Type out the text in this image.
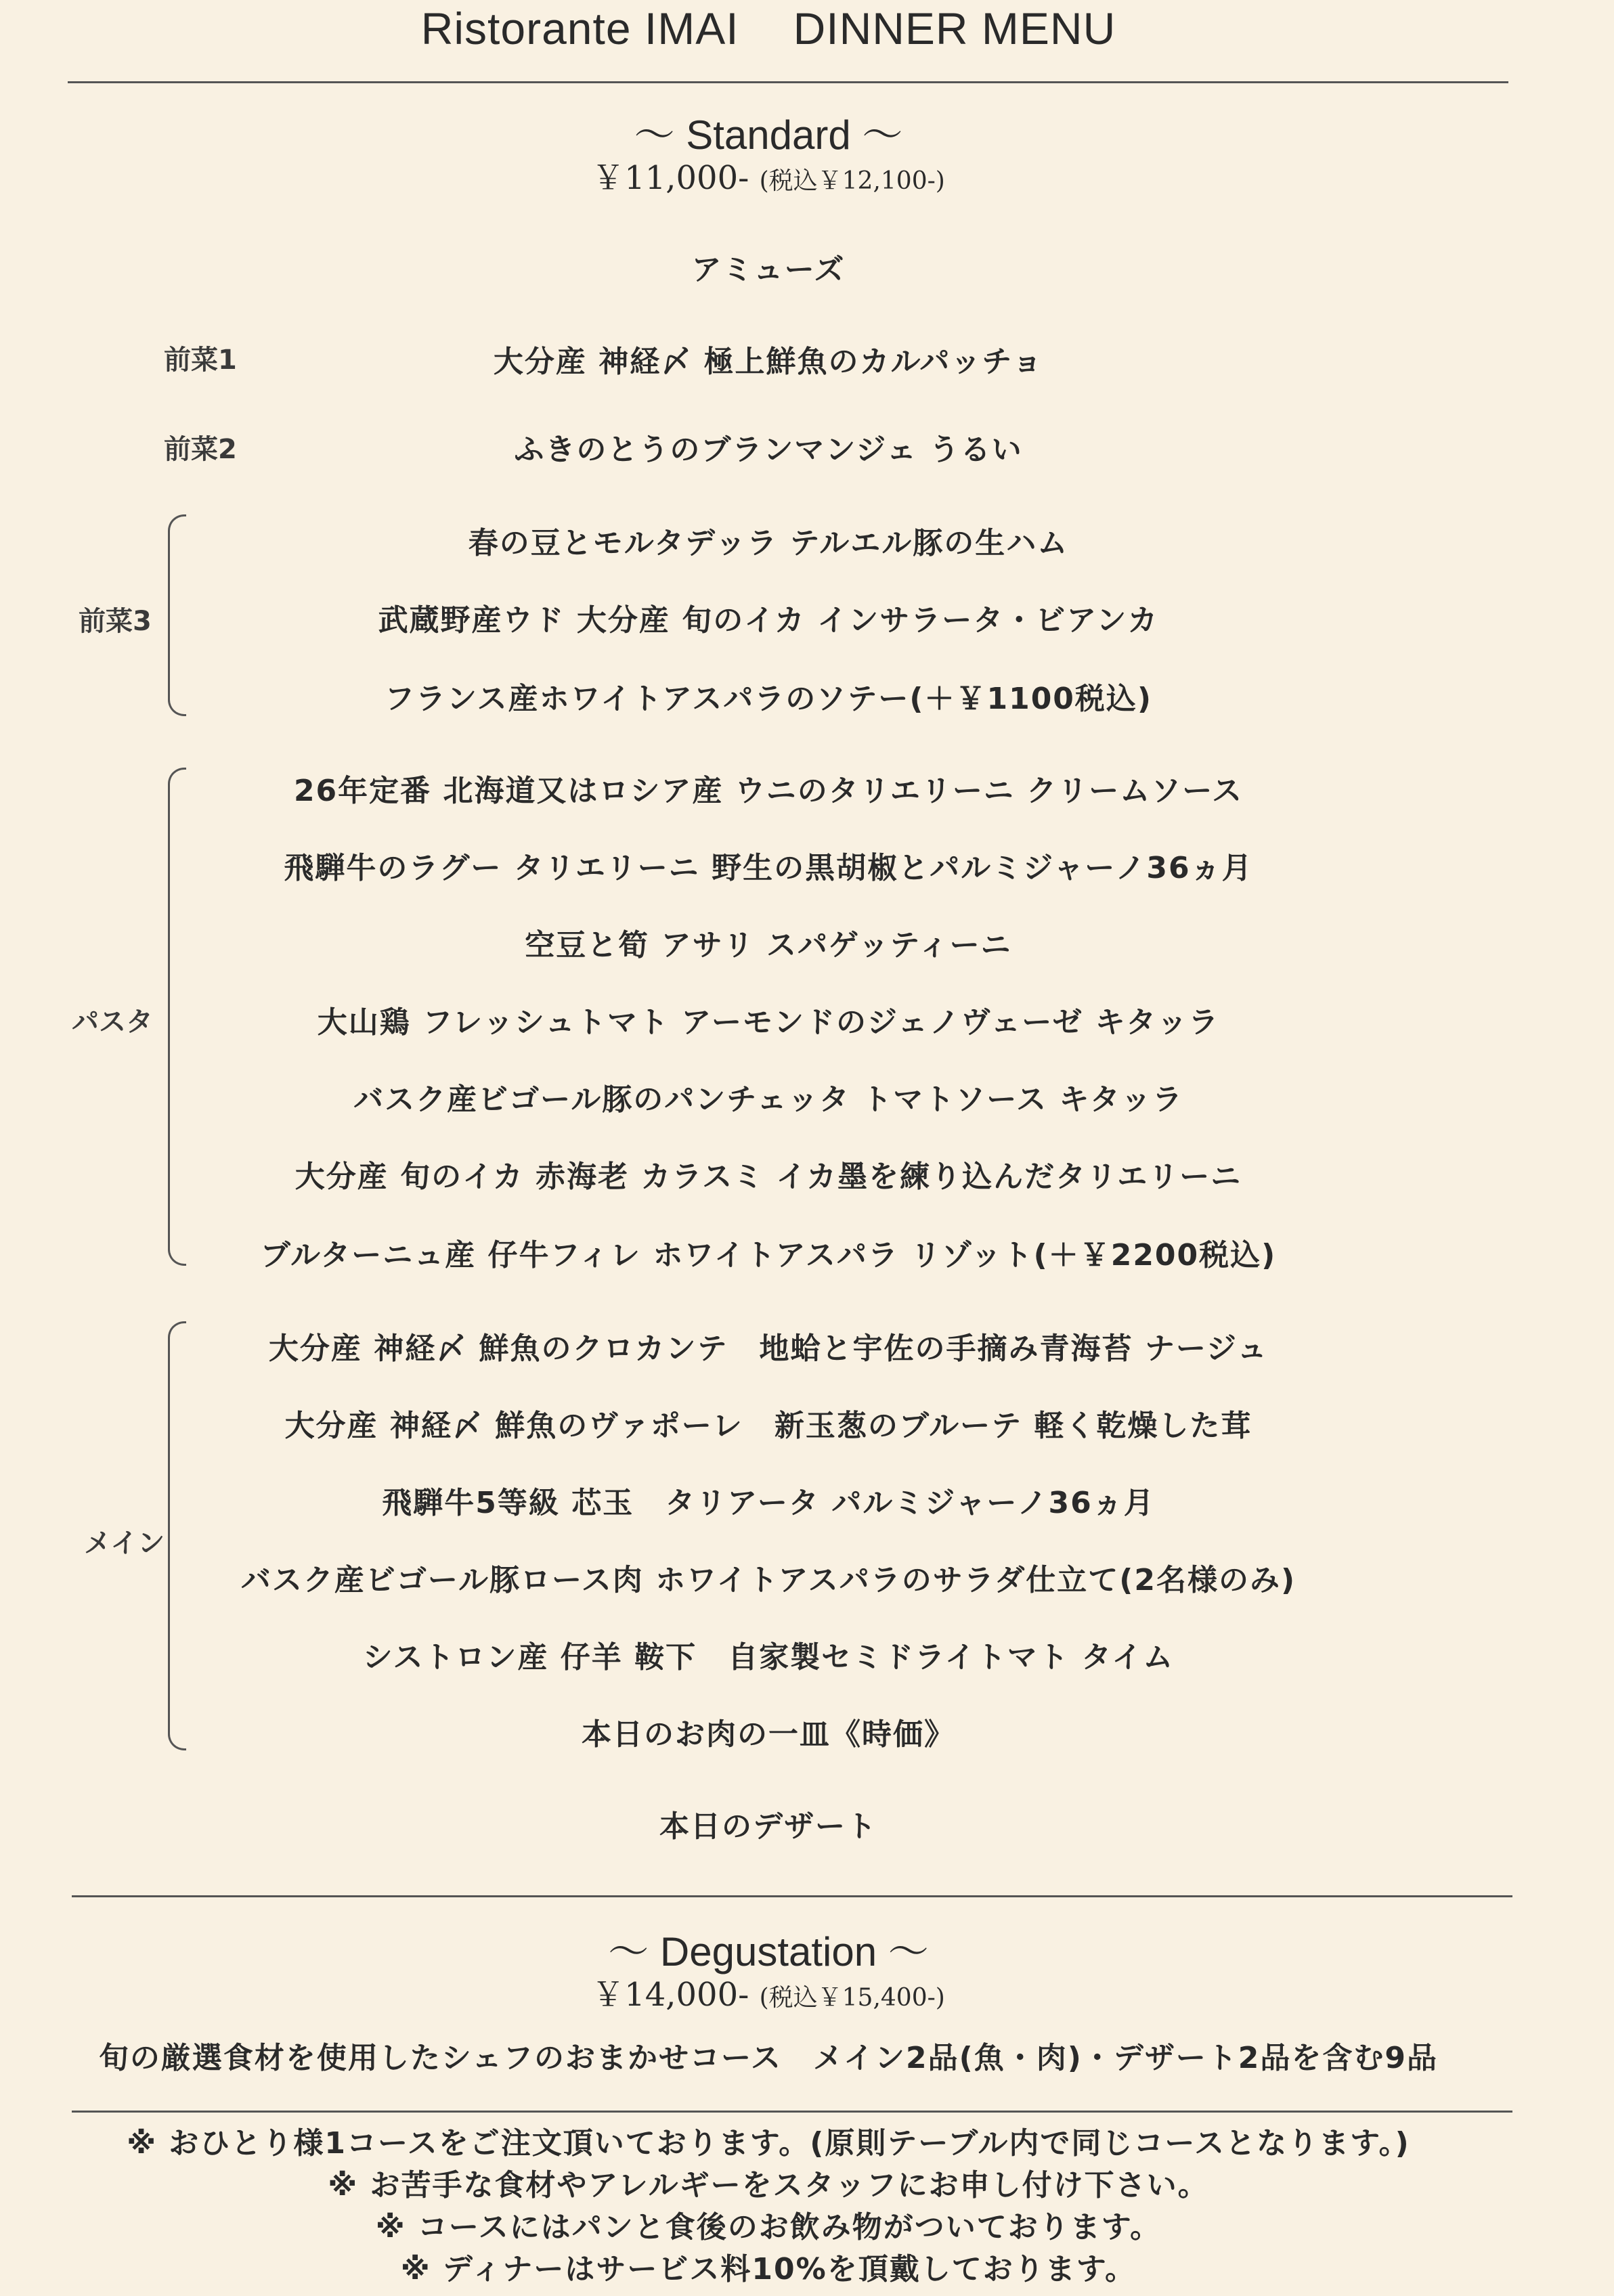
Ristorante IMAI DINNER MENU
～ Standard ～
￥11,000- (税込￥12,100-)
アミューズ
前菜1	大分産 神経〆 極上鮮魚のカルパッチョ
前菜2	ふきのとうのブランマンジェ うるい
前菜3
春の豆とモルタデッラ テルエル豚の生ハム
武蔵野産ウド 大分産 旬のイカ インサラータ・ビアンカ
フランス産ホワイトアスパラのソテー(＋￥1100税込)
パスタ
26年定番 北海道又はロシア産 ウニのタリエリーニ クリームソース
飛騨牛のラグー タリエリーニ 野生の黒胡椒とパルミジャーノ36ヵ月
空豆と筍 アサリ スパゲッティーニ
大山鶏 フレッシュトマト アーモンドのジェノヴェーゼ キタッラ
バスク産ビゴール豚のパンチェッタ トマトソース キタッラ
大分産 旬のイカ 赤海老 カラスミ イカ墨を練り込んだタリエリーニ
ブルターニュ産 仔牛フィレ ホワイトアスパラ リゾット(＋￥2200税込)
メイン
大分産 神経〆 鮮魚のクロカンテ　地蛤と宇佐の手摘み青海苔 ナージュ
大分産 神経〆 鮮魚のヴァポーレ　新玉葱のブルーテ 軽く乾燥した茸
飛騨牛5等級 芯玉　タリアータ パルミジャーノ36ヵ月
バスク産ビゴール豚ロース肉 ホワイトアスパラのサラダ仕立て(2名様のみ)
シストロン産 仔羊 鞍下　自家製セミドライトマト タイム
本日のお肉の一皿《時価》
本日のデザート
～ Degustation ～
￥14,000- (税込￥15,400-)
旬の厳選食材を使用したシェフのおまかせコース　メイン2品(魚・肉)・デザート2品を含む9品
※ おひとり様1コースをご注文頂いております。(原則テーブル内で同じコースとなります。)
※ お苦手な食材やアレルギーをスタッフにお申し付け下さい。
※ コースにはパンと食後のお飲み物がついております。
※ ディナーはサービス料10%を頂戴しております。
